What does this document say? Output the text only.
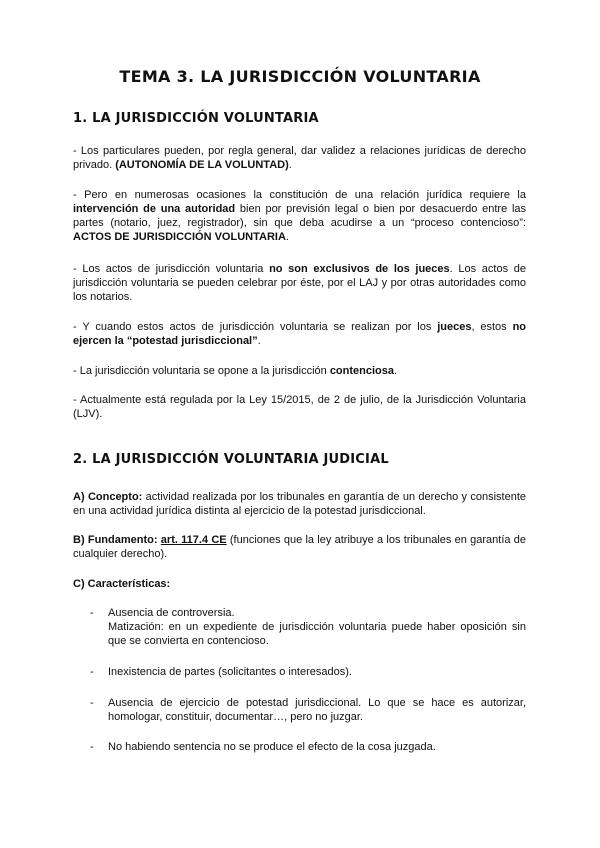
TEMA 3. LA JURISDICCIÓN VOLUNTARIA
1. LA JURISDICCIÓN VOLUNTARIA
- Los particulares pueden, por regla general, dar validez a relaciones jurídicas de derecho privado. (AUTONOMÍA DE LA VOLUNTAD).
- Pero en numerosas ocasiones la constitución de una relación jurídica requiere la intervención de una autoridad bien por previsión legal o bien por desacuerdo entre las partes (notario, juez, registrador), sin que deba acudirse a un “proceso contencioso”: ACTOS DE JURISDICCIÓN VOLUNTARIA.
- Los actos de jurisdicción voluntaria no son exclusivos de los jueces. Los actos de jurisdicción voluntaria se pueden celebrar por éste, por el LAJ y por otras autoridades como los notarios.
- Y cuando estos actos de jurisdicción voluntaria se realizan por los jueces, estos no ejercen la “potestad jurisdiccional”.
- La jurisdicción voluntaria se opone a la jurisdicción contenciosa.
- Actualmente está regulada por la Ley 15/2015, de 2 de julio, de la Jurisdicción Voluntaria (LJV).
2. LA JURISDICCIÓN VOLUNTARIA JUDICIAL
A) Concepto: actividad realizada por los tribunales en garantía de un derecho y consistente en una actividad jurídica distinta al ejercicio de la potestad jurisdiccional.
B) Fundamento: art. 117.4 CE (funciones que la ley atribuye a los tribunales en garantía de cualquier derecho).
C) Características:
- Ausencia de controversia.
Matización: en un expediente de jurisdicción voluntaria puede haber oposición sin que se convierta en contencioso.
- Inexistencia de partes (solicitantes o interesados).
- Ausencia de ejercicio de potestad jurisdiccional. Lo que se hace es autorizar, homologar, constituir, documentar…, pero no juzgar.
- No habiendo sentencia no se produce el efecto de la cosa juzgada.
